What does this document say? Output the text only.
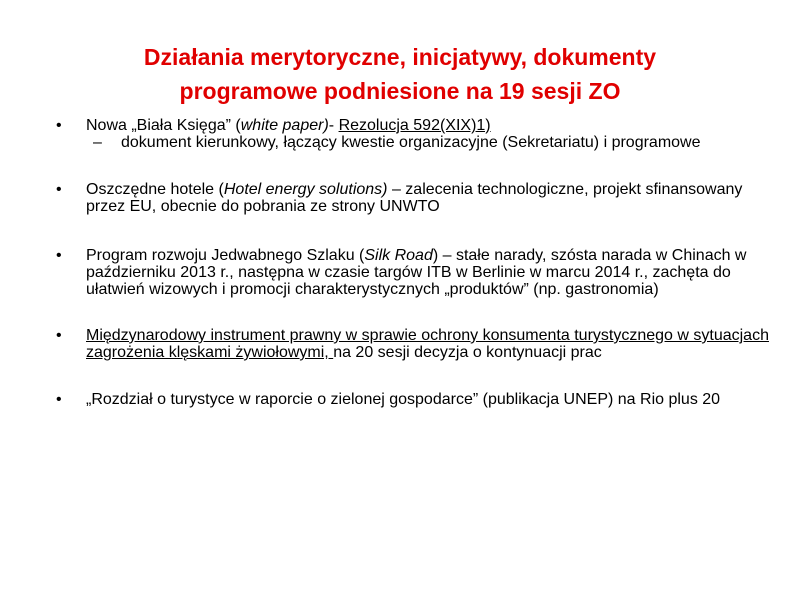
Działania merytoryczne, inicjatywy, dokumenty
programowe podniesione na 19 sesji ZO
• Nowa „Biała Księga” (white paper)- Rezolucja 592(XIX)1)
– dokument kierunkowy, łączący kwestie organizacyjne (Sekretariatu) i programowe
• Oszczędne hotele (Hotel energy solutions) – zalecenia technologiczne, projekt sfinansowany przez EU, obecnie do pobrania ze strony UNWTO
• Program rozwoju Jedwabnego Szlaku (Silk Road) – stałe narady, szósta narada w Chinach w październiku 2013 r., następna w czasie targów ITB w Berlinie w marcu 2014 r., zachęta do ułatwień wizowych i promocji charakterystycznych „produktów” (np. gastronomia)
• Międzynarodowy instrument prawny w sprawie ochrony konsumenta turystycznego w sytuacjach zagrożenia klęskami żywiołowymi, na 20 sesji decyzja o kontynuacji prac
• „Rozdział o turystyce w raporcie o zielonej gospodarce” (publikacja UNEP) na Rio plus 20
